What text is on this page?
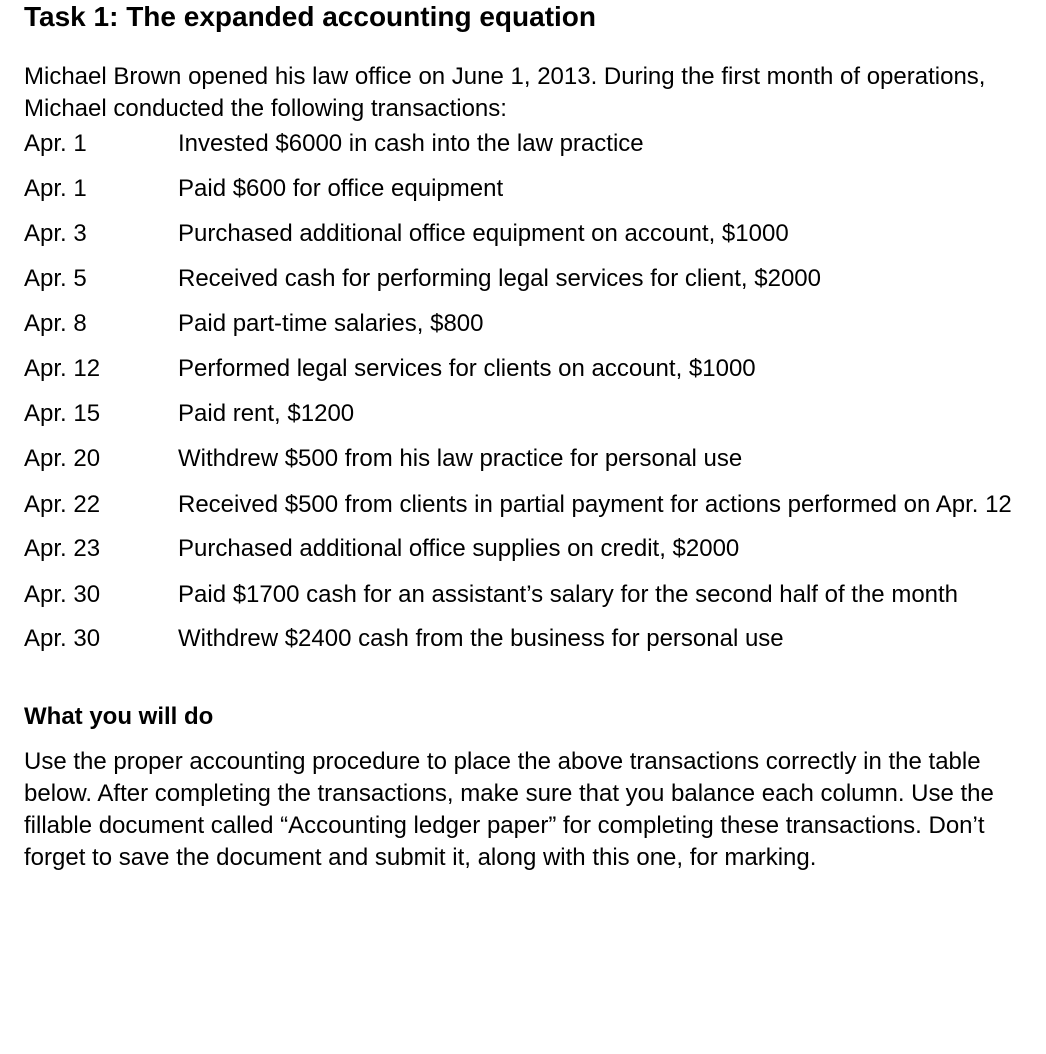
Task 1: The expanded accounting equation

Michael Brown opened his law office on June 1, 2013. During the first month of operations, Michael conducted the following transactions:

Apr. 1	Invested $6000 in cash into the law practice
Apr. 1	Paid $600 for office equipment
Apr. 3	Purchased additional office equipment on account, $1000
Apr. 5	Received cash for performing legal services for client, $2000
Apr. 8	Paid part-time salaries, $800
Apr. 12	Performed legal services for clients on account, $1000
Apr. 15	Paid rent, $1200
Apr. 20	Withdrew $500 from his law practice for personal use
Apr. 22	Received $500 from clients in partial payment for actions performed on Apr. 12
Apr. 23	Purchased additional office supplies on credit, $2000
Apr. 30	Paid $1700 cash for an assistant’s salary for the second half of the month
Apr. 30	Withdrew $2400 cash from the business for personal use
What you will do

Use the proper accounting procedure to place the above transactions correctly in the table below. After completing the transactions, make sure that you balance each column. Use the fillable document called “Accounting ledger paper” for completing these transactions. Don’t forget to save the document and submit it, along with this one, for marking.
